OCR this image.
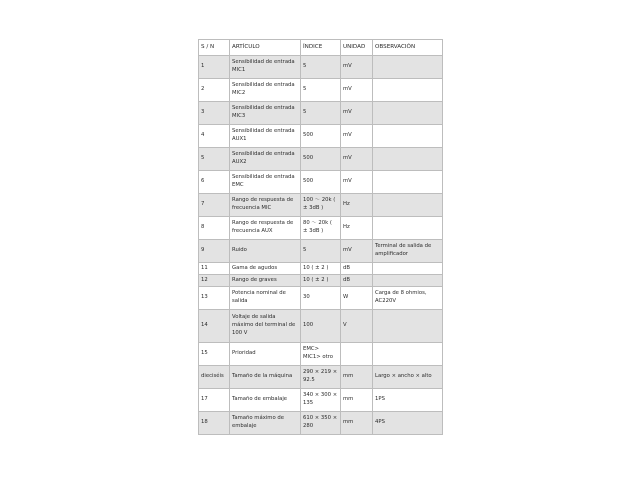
S / N	ARTÍCULO	ÍNDICE	UNIDAD	OBSERVACIÓN
1	Sensibilidad de entrada MIC1	5	mV	
2	Sensibilidad de entrada MIC2	5	mV	
3	Sensibilidad de entrada MIC3	5	mV	
4	Sensibilidad de entrada AUX1	500	mV	
5	Sensibilidad de entrada AUX2	500	mV	
6	Sensibilidad de entrada EMC	500	mV	
7	Rango de respuesta de frecuencia MIC	100 ～ 20k ( ± 3dB )	Hz	
8	Rango de respuesta de frecuencia AUX	80 ～ 20k ( ± 3dB )	Hz	
9	Ruido	5	mV	Terminal de salida de amplificador
11	Gama de agudos	10 ( ± 2 )	dB	
12	Rango de graves	10 ( ± 2 )	dB	
13	Potencia nominal de salida	30	W	Carga de 8 ohmios, AC220V
14	Voltaje de salida máximo del terminal de 100 V	100	V	
15	Prioridad	EMC> MIC1> otro		
dieciséis	Tamaño de la máquina	290 × 219 × 92.5	mm	Largo × ancho × alto
17	Tamaño de embalaje	340 × 300 × 135	mm	1PS
18	Tamaño máximo de embalaje	610 × 350 × 280	mm	4PS
